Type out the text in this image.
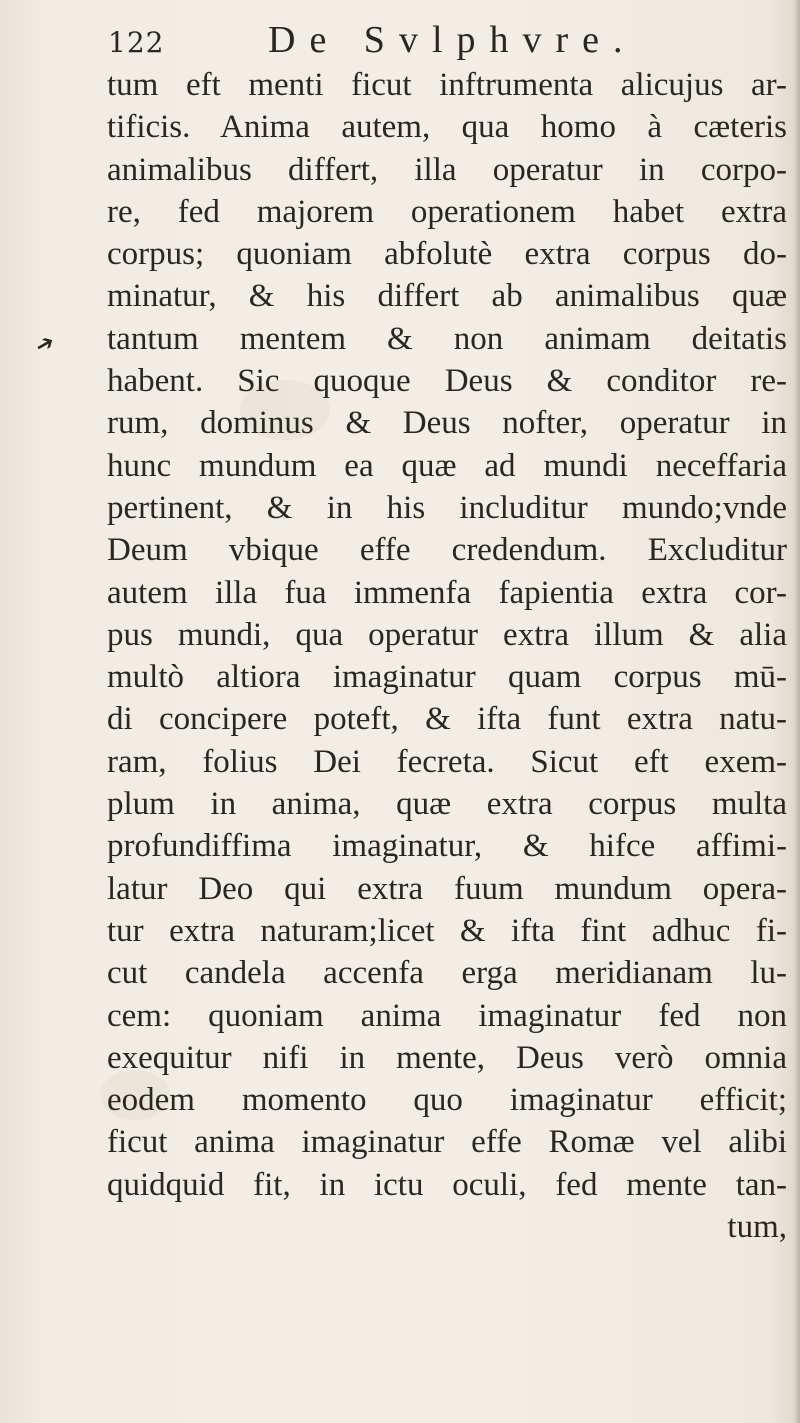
122	De Svlphvre.
➔
tum eft menti ficut inftrumenta alicujus ar-
tificis. Anima autem, qua homo à cæteris
animalibus differt, illa operatur in corpo-
re, fed majorem operationem habet extra
corpus; quoniam abfolutè extra corpus do-
minatur, & his differt ab animalibus quæ
tantum mentem & non animam deitatis
habent. Sic quoque Deus & conditor re-
rum, dominus & Deus nofter, operatur in
hunc mundum ea quæ ad mundi neceffaria
pertinent, & in his includitur mundo;vnde
Deum vbique effe credendum. Excluditur
autem illa fua immenfa fapientia extra cor-
pus mundi, qua operatur extra illum & alia
multò altiora imaginatur quam corpus mū-
di concipere poteft, & ifta funt extra natu-
ram, folius Dei fecreta. Sicut eft exem-
plum in anima, quæ extra corpus multa
profundiffima imaginatur, & hifce affimi-
latur Deo qui extra fuum mundum opera-
tur extra naturam;licet & ifta fint adhuc fi-
cut candela accenfa erga meridianam lu-
cem: quoniam anima imaginatur fed non
exequitur nifi in mente, Deus verò omnia
eodem momento quo imaginatur efficit;
ficut anima imaginatur effe Romæ vel alibi
quidquid fit, in ictu oculi, fed mente tan-
tum,
